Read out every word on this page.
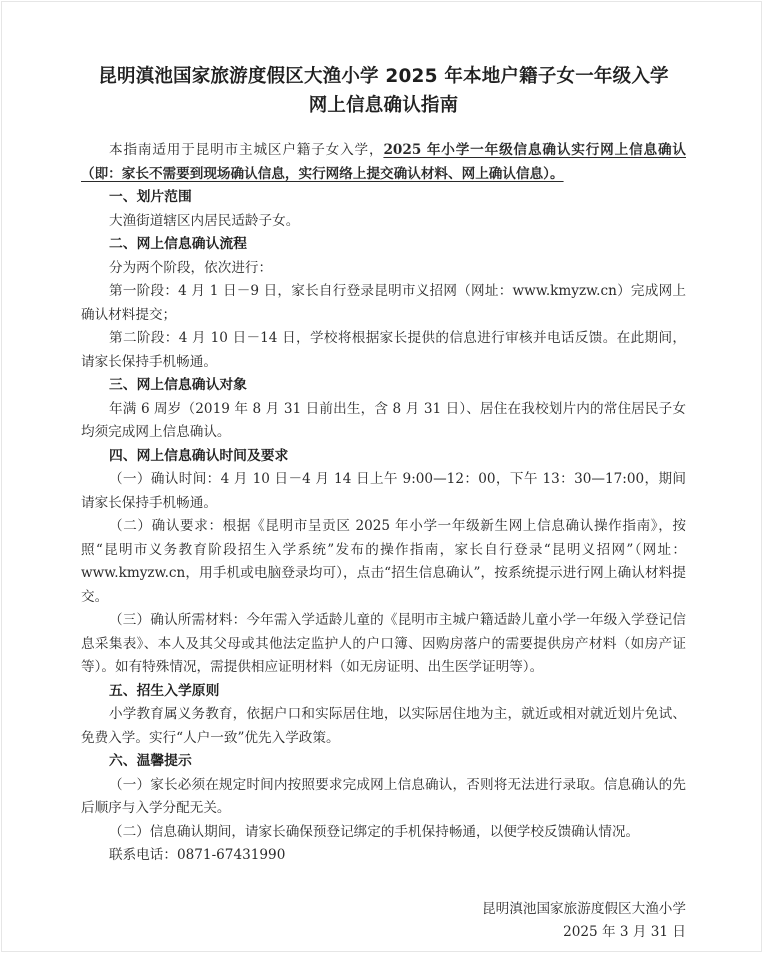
昆明滇池国家旅游度假区大渔小学 2025 年本地户籍子女一年级入学
网上信息确认指南

本指南适用于昆明市主城区户籍子女入学，2025 年小学一年级信息确认实行网上信息确认（即：家长不需要到现场确认信息，实行网络上提交确认材料、网上确认信息）。

一、划片范围

大渔街道辖区内居民适龄子女。

二、网上信息确认流程

分为两个阶段，依次进行：

第一阶段：4 月 1 日－9 日，家长自行登录昆明市义招网（网址：www.kmyzw.cn）完成网上确认材料提交；

第二阶段：4 月 10 日－14 日，学校将根据家长提供的信息进行审核并电话反馈。在此期间，请家长保持手机畅通。

三、网上信息确认对象

年满 6 周岁（2019 年 8 月 31 日前出生，含 8 月 31 日）、居住在我校划片内的常住居民子女均须完成网上信息确认。

四、网上信息确认时间及要求

（一）确认时间：4 月 10 日－4 月 14 日上午 9:00—12：00，下午 13：30—17:00，期间请家长保持手机畅通。

（二）确认要求：根据《昆明市呈贡区 2025 年小学一年级新生网上信息确认操作指南》，按照“昆明市义务教育阶段招生入学系统”发布的操作指南，家长自行登录“昆明义招网”（网址：www.kmyzw.cn，用手机或电脑登录均可），点击“招生信息确认”，按系统提示进行网上确认材料提交。

（三）确认所需材料：今年需入学适龄儿童的《昆明市主城户籍适龄儿童小学一年级入学登记信息采集表》、本人及其父母或其他法定监护人的户口簿、因购房落户的需要提供房产材料（如房产证等）。如有特殊情况，需提供相应证明材料（如无房证明、出生医学证明等）。

五、招生入学原则

小学教育属义务教育，依据户口和实际居住地，以实际居住地为主，就近或相对就近划片免试、免费入学。实行“人户一致”优先入学政策。

六、温馨提示

（一）家长必须在规定时间内按照要求完成网上信息确认，否则将无法进行录取。信息确认的先后顺序与入学分配无关。

（二）信息确认期间，请家长确保预登记绑定的手机保持畅通，以便学校反馈确认情况。

联系电话：0871-67431990

昆明滇池国家旅游度假区大渔小学
2025 年 3 月 31 日
